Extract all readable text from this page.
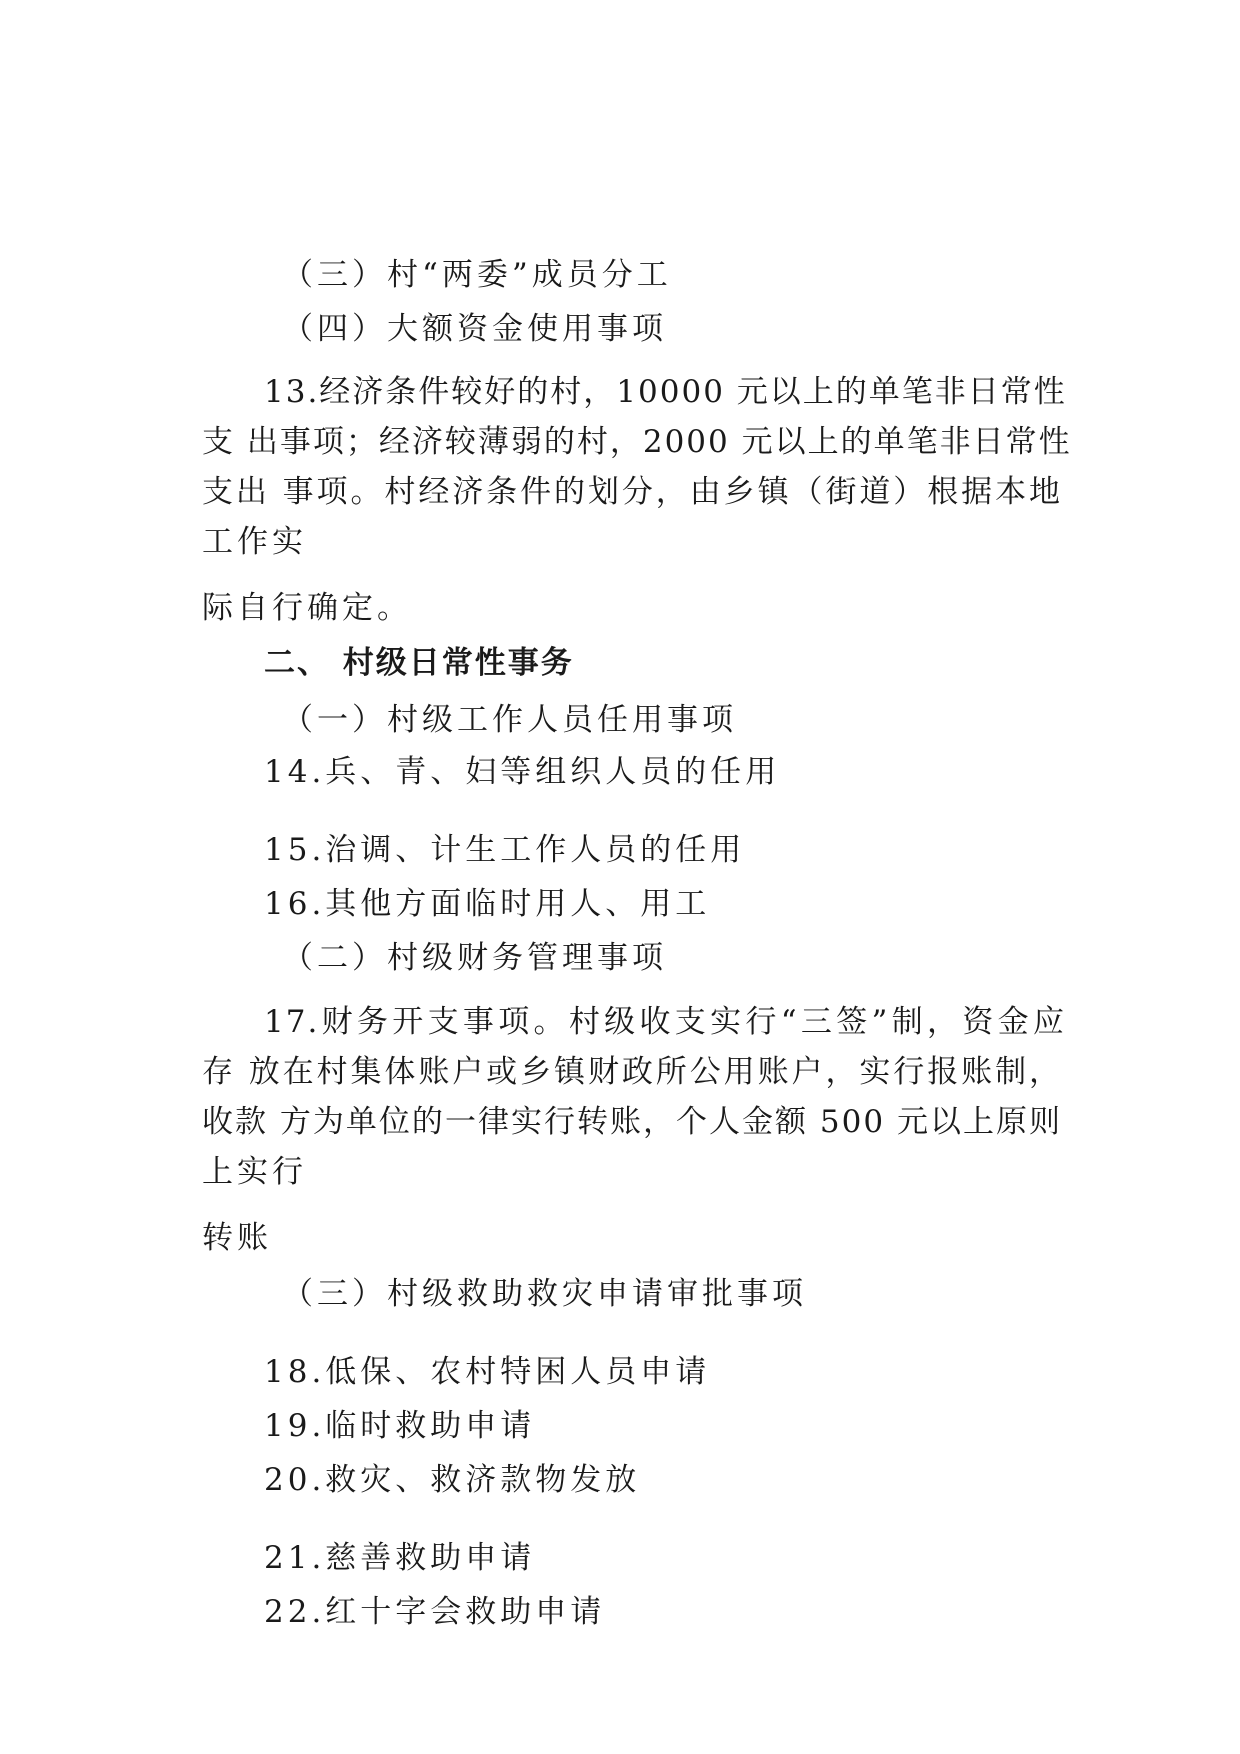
（三）村“两委”成员分工
（四）大额资金使用事项
13.经济条件较好的村，10000 元以上的单笔非日常性
支 出事项；经济较薄弱的村，2000 元以上的单笔非日常性
支出 事项。村经济条件的划分，由乡镇（街道）根据本地
工作实
际自行确定。
二、 村级日常性事务
（一）村级工作人员任用事项
14.兵、青、妇等组织人员的任用
15.治调、计生工作人员的任用
16.其他方面临时用人、用工
（二）村级财务管理事项
17.财务开支事项。村级收支实行“三签”制，资金应
存 放在村集体账户或乡镇财政所公用账户，实行报账制，
收款 方为单位的一律实行转账，个人金额 500 元以上原则
上实行
转账
（三）村级救助救灾申请审批事项
18.低保、农村特困人员申请
19.临时救助申请
20.救灾、救济款物发放
21.慈善救助申请
22.红十字会救助申请
